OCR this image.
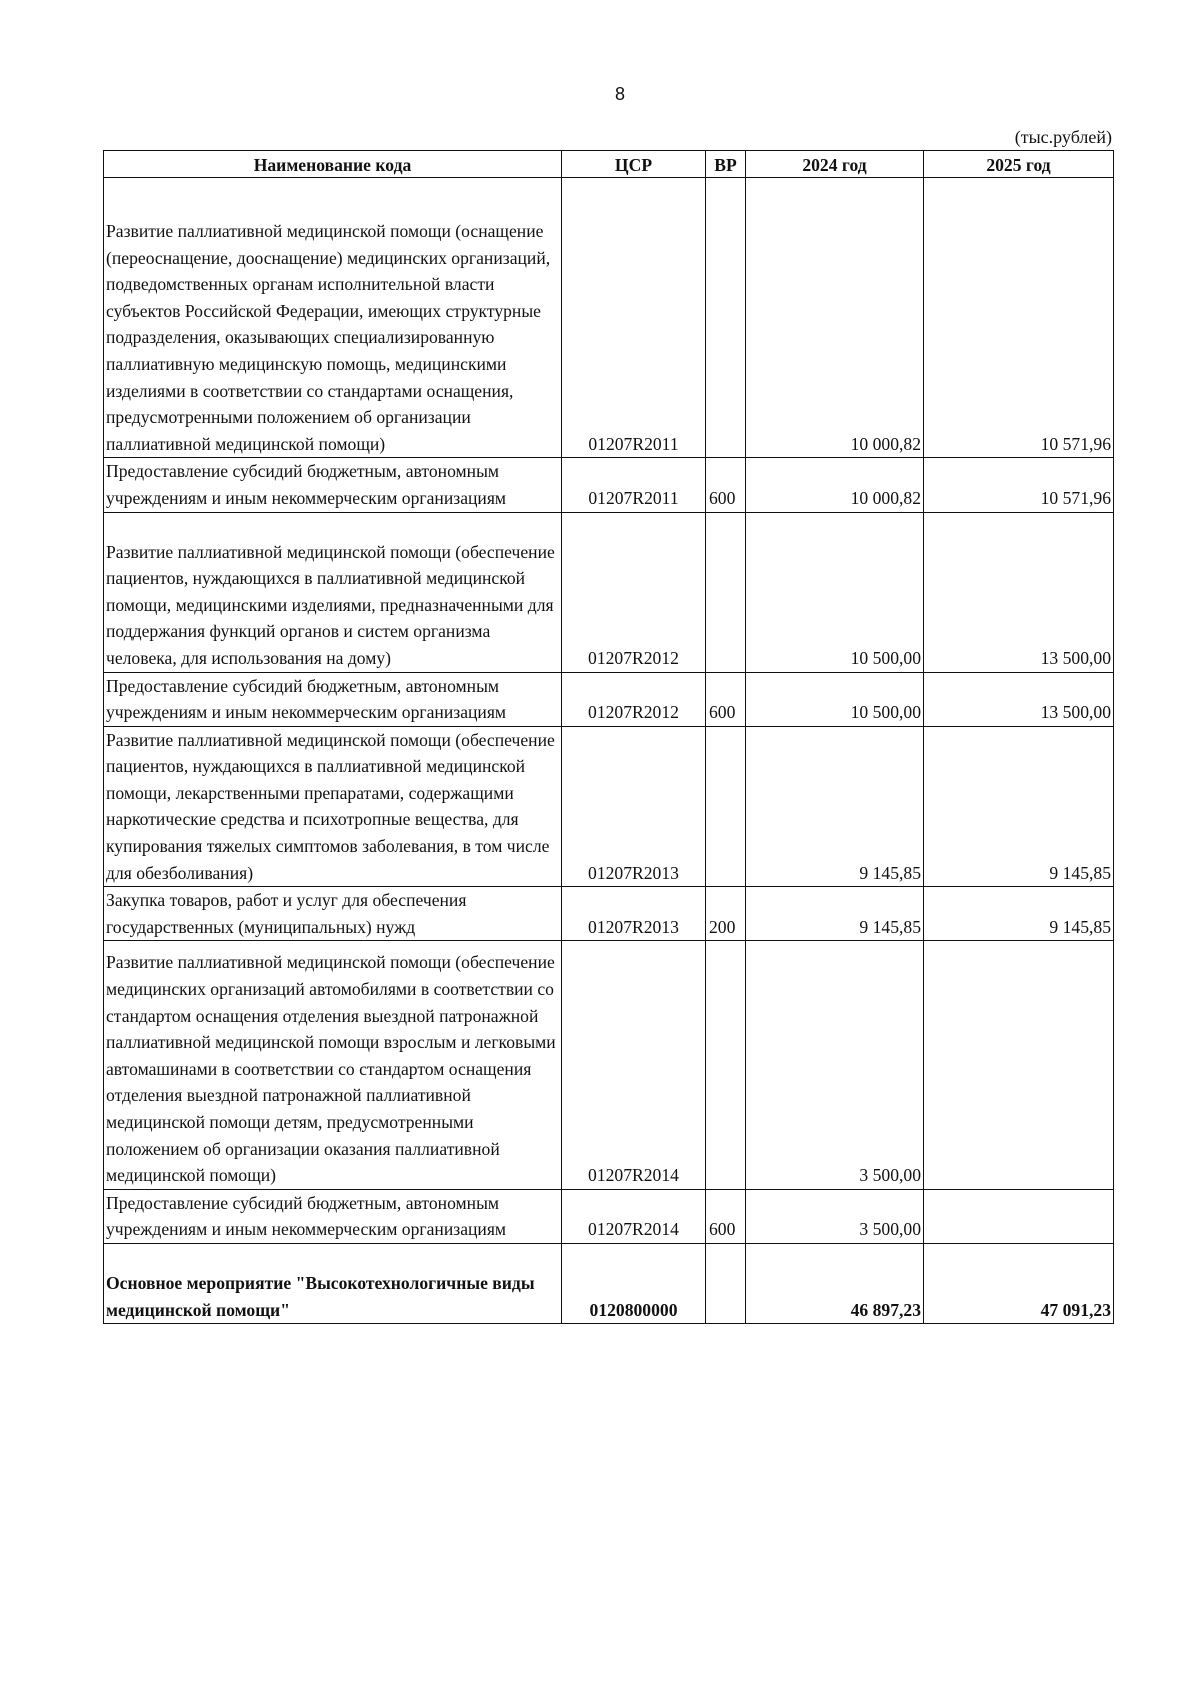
8
(тыс.рублей)
Наименование кода	ЦСР	ВР	2024 год	2025 год

Развитие паллиативной медицинской помощи (оснащение (переоснащение, дооснащение) медицинских организаций, подведомственных органам исполнительной власти субъектов Российской Федерации, имеющих структурные подразделения, оказывающих специализированную паллиативную медицинскую помощь, медицинскими изделиями в соответствии со стандартами оснащения, предусмотренными положением об организации паллиативной медицинской помощи)	01207R2011		10 000,82	10 571,96
Предоставление субсидий бюджетным, автономным учреждениям и иным некоммерческим организациям	01207R2011	600	10 000,82	10 571,96

Развитие паллиативной медицинской помощи (обеспечение пациентов, нуждающихся в паллиативной медицинской помощи, медицинскими изделиями, предназначенными для поддержания функций органов и систем организма человека, для использования на дому)	01207R2012		10 500,00	13 500,00
Предоставление субсидий бюджетным, автономным учреждениям и иным некоммерческим организациям	01207R2012	600	10 500,00	13 500,00
Развитие паллиативной медицинской помощи (обеспечение пациентов, нуждающихся в паллиативной медицинской помощи, лекарственными препаратами, содержащими наркотические средства и психотропные вещества, для купирования тяжелых симптомов заболевания, в том числе для обезболивания)	01207R2013		9 145,85	9 145,85
Закупка товаров, работ и услуг для обеспечения государственных (муниципальных) нужд	01207R2013	200	9 145,85	9 145,85

Развитие паллиативной медицинской помощи (обеспечение медицинских организаций автомобилями в соответствии со стандартом оснащения отделения выездной патронажной паллиативной медицинской помощи взрослым и легковыми автомашинами в соответствии со стандартом оснащения отделения выездной патронажной паллиативной медицинской помощи детям, предусмотренными положением об организации оказания паллиативной медицинской помощи)	01207R2014		3 500,00	
Предоставление субсидий бюджетным, автономным учреждениям и иным некоммерческим организациям	01207R2014	600	3 500,00	

Основное мероприятие "Высокотехнологичные виды медицинской помощи"	0120800000		46 897,23	47 091,23
